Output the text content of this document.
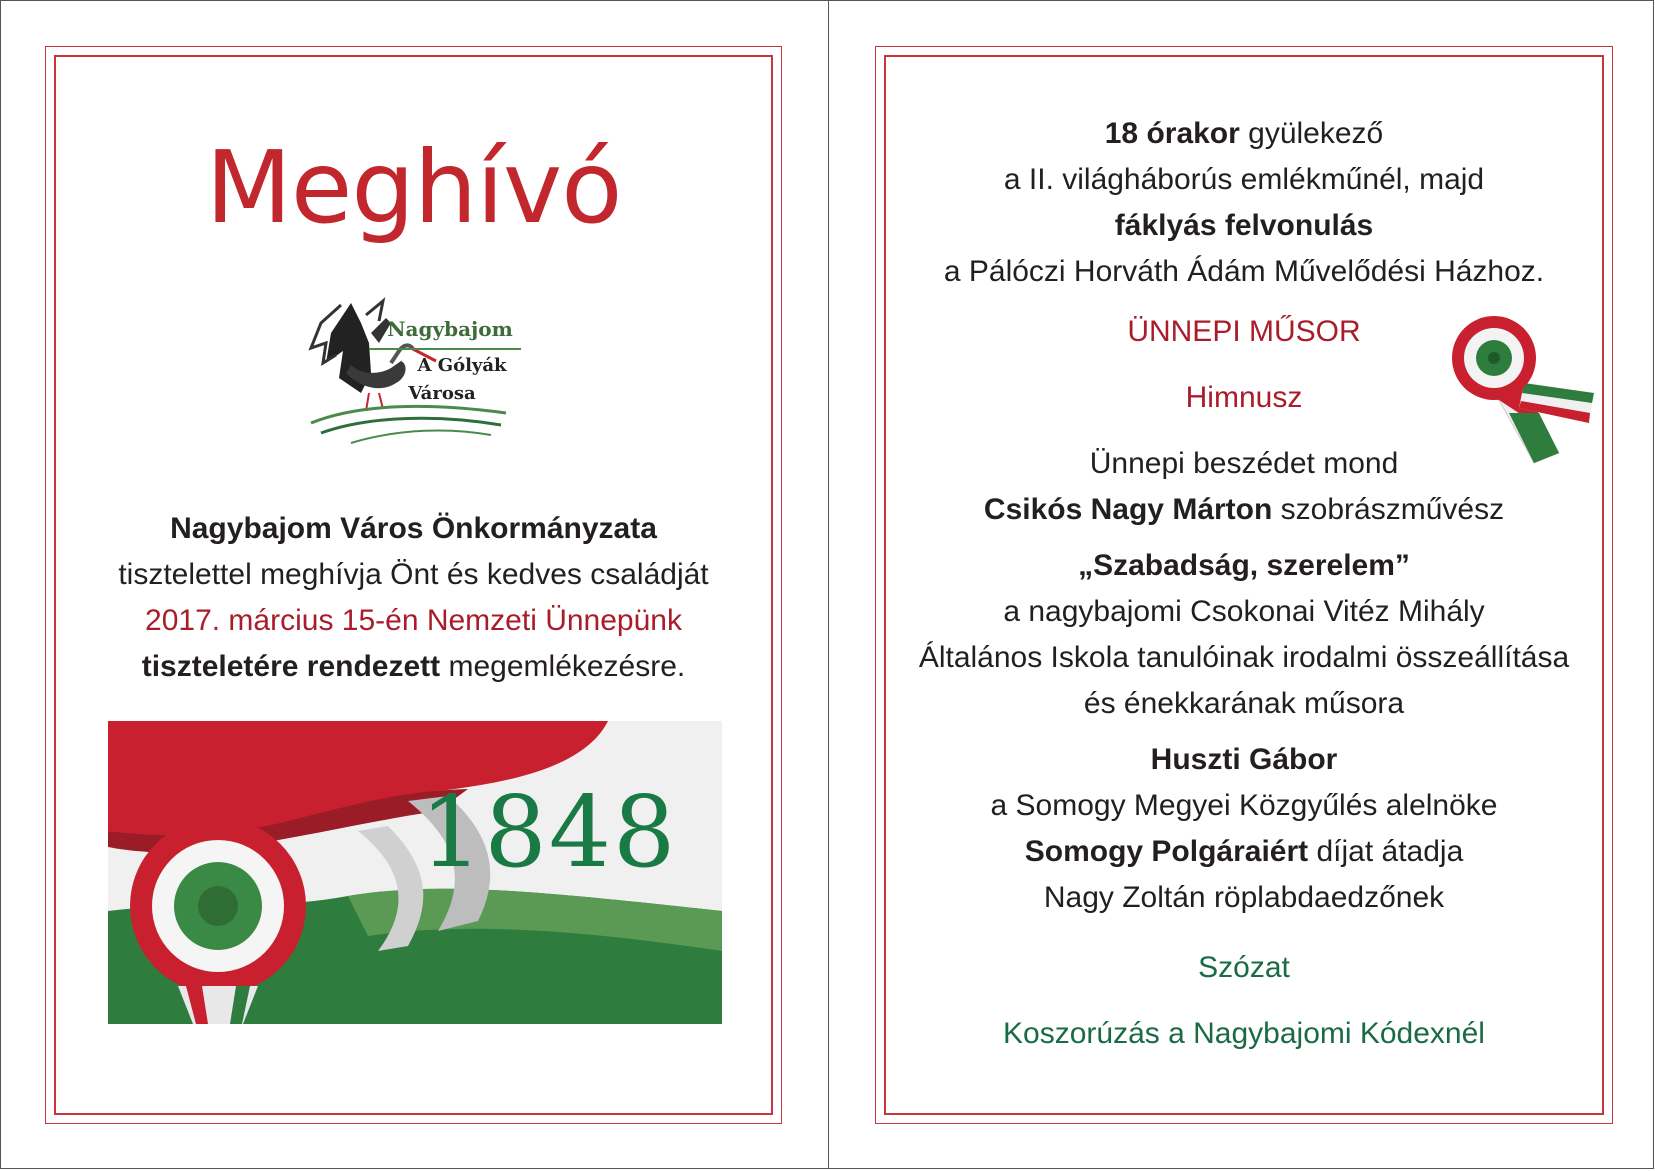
Meghívó
Nagybajom
A Gólyák
Városa
Nagybajom Város Önkormányzata
tisztelettel meghívja Önt és kedves családját
2017. március 15-én Nemzeti Ünnepünk
tiszteletére rendezett megemlékezésre.
1848
18 órakor gyülekező
a II. világháborús emlékműnél, majd
fáklyás felvonulás
a Pálóczi Horváth Ádám Művelődési Házhoz.
ÜNNEPI MŰSOR
Himnusz
Ünnepi beszédet mond
Csikós Nagy Márton szobrászművész
„Szabadság, szerelem”
a nagybajomi Csokonai Vitéz Mihály
Általános Iskola tanulóinak irodalmi összeállítása
és énekkarának műsora
Huszti Gábor
a Somogy Megyei Közgyűlés alelnöke
Somogy Polgáraiért díjat átadja
Nagy Zoltán röplabdaedzőnek
Szózat
Koszorúzás a Nagybajomi Kódexnél
